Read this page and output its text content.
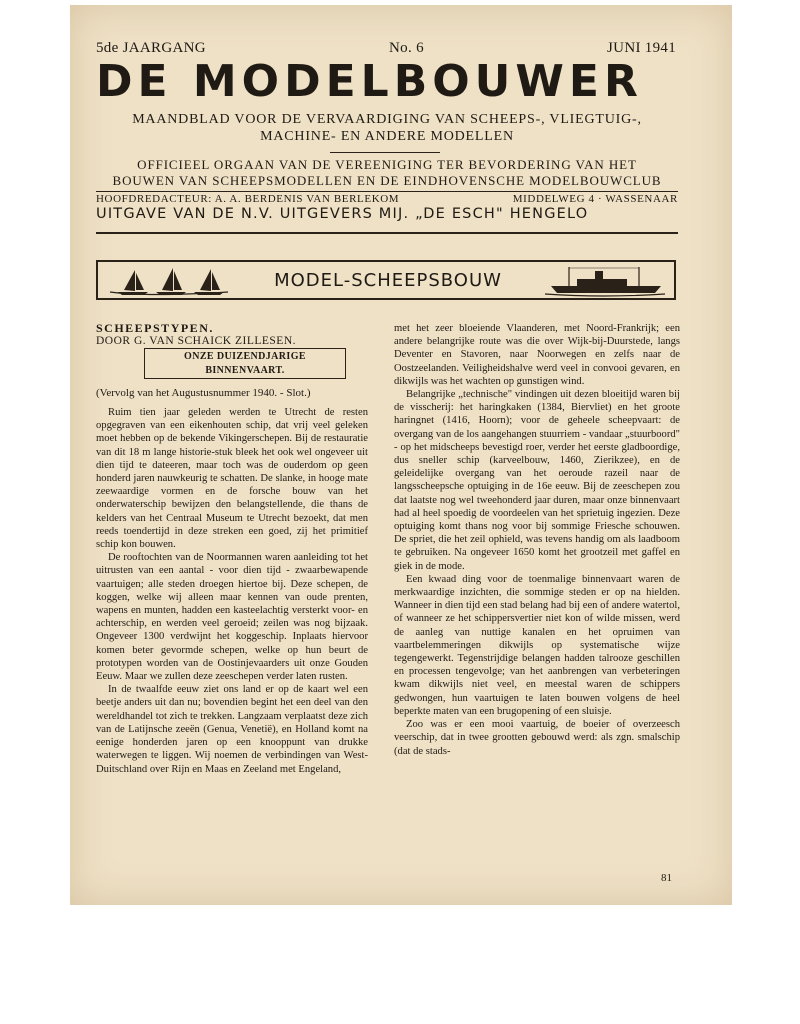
5de JAARGANG	No. 6	JUNI 1941
DE MODELBOUWER
MAANDBLAD VOOR DE VERVAARDIGING VAN SCHEEPS-, VLIEGTUIG-,
MACHINE- EN ANDERE MODELLEN
OFFICIEEL ORGAAN VAN DE VEREENIGING TER BEVORDERING VAN HET
BOUWEN VAN SCHEEPSMODELLEN EN DE EINDHOVENSCHE MODELBOUWCLUB
HOOFDREDACTEUR: A. A. BERDENIS VAN BERLEKOM	MIDDELWEG 4 · WASSENAAR
UITGAVE VAN DE N.V. UITGEVERS MIJ. „DE ESCH" HENGELO
MODEL-SCHEEPSBOUW

SCHEEPSTYPEN.

DOOR G. VAN SCHAICK ZILLESEN.

ONZE DUIZENDJARIGE BINNENVAART.

(Vervolg van het Augustusnummer 1940. - Slot.)

Ruim tien jaar geleden werden te Utrecht de resten opgegraven van een eikenhouten schip, dat vrij veel geleken moet hebben op de bekende Vikingerschepen. Bij de restauratie van dit 18 m lange historie-stuk bleek het ook wel ongeveer uit dien tijd te dateeren, maar toch was de ouderdom op geen honderd jaren nauwkeurig te schatten. De slanke, in hooge mate zeewaardige vormen en de forsche bouw van het onderwaterschip bewijzen den belangstellende, die thans de kelders van het Centraal Museum te Utrecht bezoekt, dat men reeds toendertijd in deze streken een goed, zij het primitief schip kon bouwen.

De rooftochten van de Noormannen waren aanleiding tot het uitrusten van een aantal - voor dien tijd - zwaarbewapende vaartuigen; alle steden droegen hiertoe bij. Deze schepen, de koggen, welke wij alleen maar kennen van oude prenten, wapens en munten, hadden een kasteelachtig versterkt voor- en achterschip, en werden veel geroeid; zeilen was nog bijzaak. Ongeveer 1300 verdwijnt het koggeschip. Inplaats hiervoor komen beter gevormde schepen, welke op hun beurt de prototypen worden van de Oostinjevaarders uit onze Gouden Eeuw. Maar we zullen deze zeeschepen verder laten rusten.

In de twaalfde eeuw ziet ons land er op de kaart wel een beetje anders uit dan nu; bovendien begint het een deel van den wereldhandel tot zich te trekken. Langzaam verplaatst deze zich van de Latijnsche zeeën (Genua, Venetië), en Holland komt na eenige honderden jaren op een knooppunt van drukke waterwegen te liggen. Wij noemen de verbindingen van West-Duitschland over Rijn en Maas en Zeeland met Engeland,

met het zeer bloeiende Vlaanderen, met Noord-Frankrijk; een andere belangrijke route was die over Wijk-bij-Duurstede, langs Deventer en Stavoren, naar Noorwegen en zelfs naar de Oostzeelanden. Veiligheidshalve werd veel in convooi gevaren, en dikwijls was het wachten op gunstigen wind.

Belangrijke „technische" vindingen uit dezen bloeitijd waren bij de visscherij: het haringkaken (1384, Biervliet) en het groote haringnet (1416, Hoorn); voor de geheele scheepvaart: de overgang van de los aangehangen stuurriem - vandaar „stuurboord" - op het midscheeps bevestigd roer, verder het eerste gladboordige, dus sneller schip (karveelbouw, 1460, Zierikzee), en de geleidelijke overgang van het oeroude razeil naar de langsscheepsche optuiging in de 16e eeuw. Bij de zeeschepen zou dat laatste nog wel tweehonderd jaar duren, maar onze binnenvaart had al heel spoedig de voordeelen van het sprietuig ingezien. Deze optuiging komt thans nog voor bij sommige Friesche schouwen. De spriet, die het zeil ophield, was tevens handig om als laadboom te gebruiken. Na ongeveer 1650 komt het grootzeil met gaffel en giek in de mode.

Een kwaad ding voor de toenmalige binnenvaart waren de merkwaardige inzichten, die sommige steden er op na hielden. Wanneer in dien tijd een stad belang had bij een of andere watertol, of wanneer ze het schippersvertier niet kon of wilde missen, werd de aanleg van nuttige kanalen en het opruimen van vaartbelemmeringen dikwijls op systematische wijze tegengewerkt. Tegenstrijdige belangen hadden talrooze geschillen en processen tengevolge; van het aanbrengen van verbeteringen kwam dikwijls niet veel, en meestal waren de schippers gedwongen, hun vaartuigen te laten bouwen volgens de heel beperkte maten van een brugopening of een sluisje.

Zoo was er een mooi vaartuig, de boeier of overzeesch veerschip, dat in twee grootten gebouwd werd: als zgn. smalschip (dat de stads-

81
